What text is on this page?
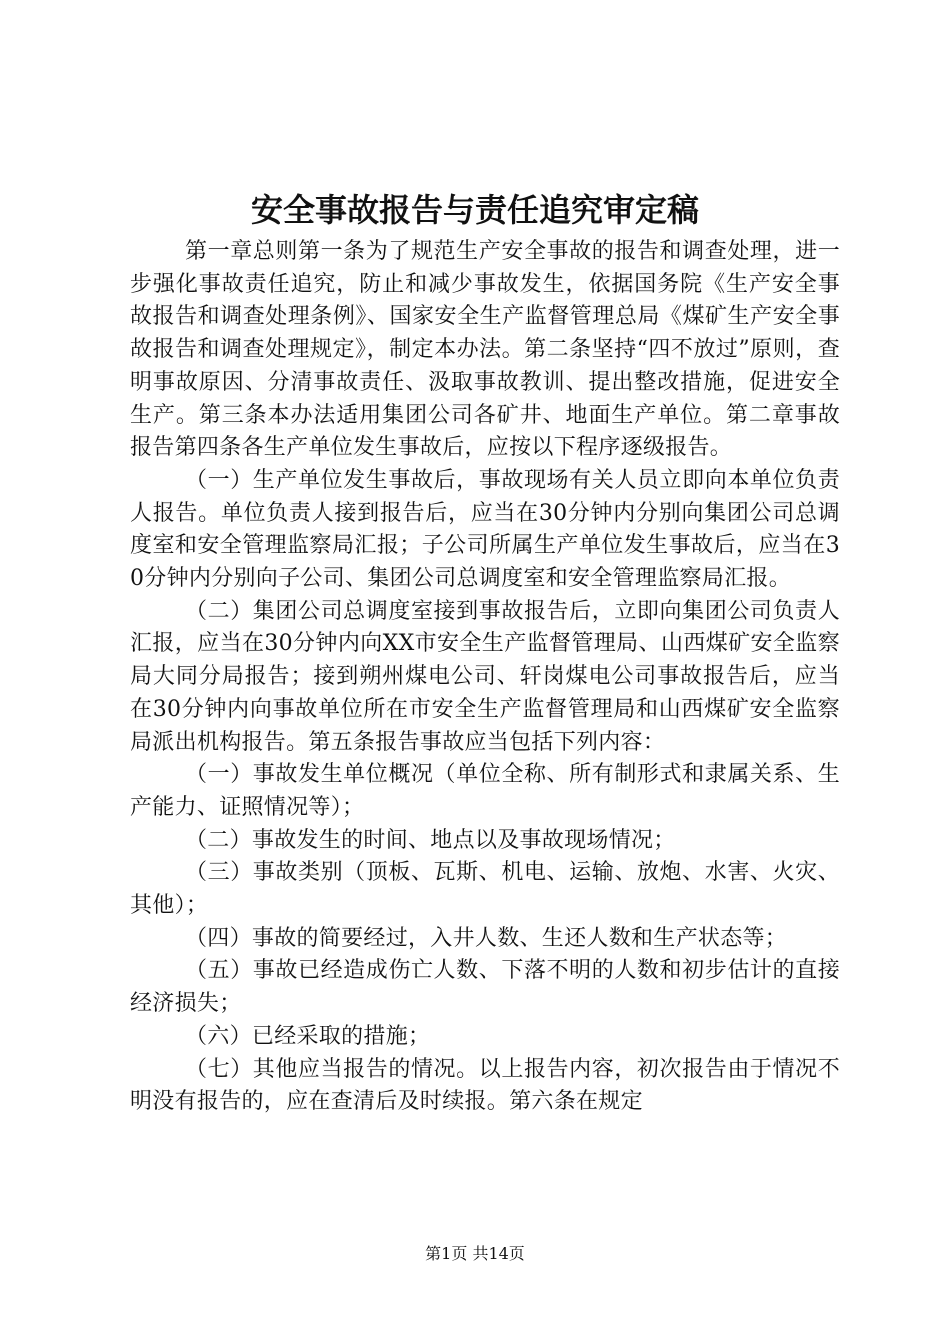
安全事故报告与责任追究审定稿

第一章总则第一条为了规范生产安全事故的报告和调查处理，进一步强化事故责任追究，防止和减少事故发生，依据国务院《生产安全事故报告和调查处理条例》、国家安全生产监督管理总局《煤矿生产安全事故报告和调查处理规定》，制定本办法。第二条坚持“四不放过”原则，查明事故原因、分清事故责任、汲取事故教训、提出整改措施，促进安全生产。第三条本办法适用集团公司各矿井、地面生产单位。第二章事故报告第四条各生产单位发生事故后，应按以下程序逐级报告。

（一）生产单位发生事故后，事故现场有关人员立即向本单位负责人报告。单位负责人接到报告后，应当在30分钟内分别向集团公司总调度室和安全管理监察局汇报；子公司所属生产单位发生事故后，应当在30分钟内分别向子公司、集团公司总调度室和安全管理监察局汇报。

（二）集团公司总调度室接到事故报告后，立即向集团公司负责人汇报，应当在30分钟内向XX市安全生产监督管理局、山西煤矿安全监察局大同分局报告；接到朔州煤电公司、轩岗煤电公司事故报告后，应当在30分钟内向事故单位所在市安全生产监督管理局和山西煤矿安全监察局派出机构报告。第五条报告事故应当包括下列内容：

（一）事故发生单位概况（单位全称、所有制形式和隶属关系、生产能力、证照情况等）；

（二）事故发生的时间、地点以及事故现场情况；

（三）事故类别（顶板、瓦斯、机电、运输、放炮、水害、火灾、其他）；

（四）事故的简要经过，入井人数、生还人数和生产状态等；

（五）事故已经造成伤亡人数、下落不明的人数和初步估计的直接经济损失；

（六）已经采取的措施；

（七）其他应当报告的情况。以上报告内容，初次报告由于情况不明没有报告的，应在查清后及时续报。第六条在规定

第1页 共14页
